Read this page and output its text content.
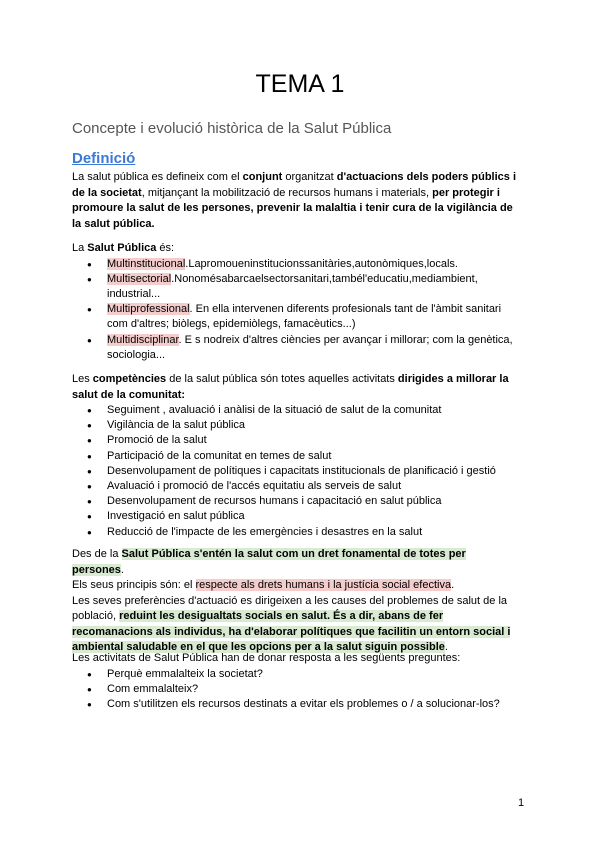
TEMA 1
Concepte i evolució històrica de la Salut Pública
Definició

La salut pública es defineix com el conjunt organitzat d'actuacions dels poders públics i de la societat, mitjançant la mobilització de recursos humans i materials, per protegir i promoure la salut de les persones, prevenir la malaltia i tenir cura de la vigilància de la salut pública.

La Salut Pública és:

● Multinstitucional.Lapromoueninstitucionssanitàries,autonòmiques,locals.
● Multisectorial.Nonomésabarcaelsectorsanitari,tambél'educatiu,mediambient, industrial...
● Multiprofessional. En ella intervenen diferents profesionals tant de l'àmbit sanitari com d'altres; biòlegs, epidemiòlegs, famacèutics...)
● Multidisciplinar. E s nodreix d'altres ciències per avançar i millorar; com la genètica, sociologia...

Les competències de la salut pública són totes aquelles activitats dirigides a millorar la salut de la comunitat:

● Seguiment , avaluació i anàlisi de la situació de salut de la comunitat
● Vigilància de la salut pública
● Promoció de la salut
● Participació de la comunitat en temes de salut
● Desenvolupament de polítiques i capacitats institucionals de planificació i gestió
● Avaluació i promoció de l'accés equitatiu als serveis de salut
● Desenvolupament de recursos humans i capacitació en salut pública
● Investigació en salut pública
● Reducció de l'impacte de les emergències i desastres en la salut

Des de la Salut Pública s'entén la salut com un dret fonamental de totes per persones.

Els seus principis són: el respecte als drets humans i la justícia social efectiva.

Les seves preferències d'actuació es dirigeixen a les causes del problemes de salut de la població, reduint les desigualtats socials en salut. És a dir, abans de fer recomanacions als individus, ha d'elaborar polítiques que facilitin un entorn social i ambiental saludable en el que les opcions per a la salut siguin possible.

Les activitats de Salut Pública han de donar resposta a les següents preguntes:

● Perquè emmalalteix la societat?
● Com emmalalteix?
● Com s'utilitzen els recursos destinats a evitar els problemes o / a solucionar-los?
1
